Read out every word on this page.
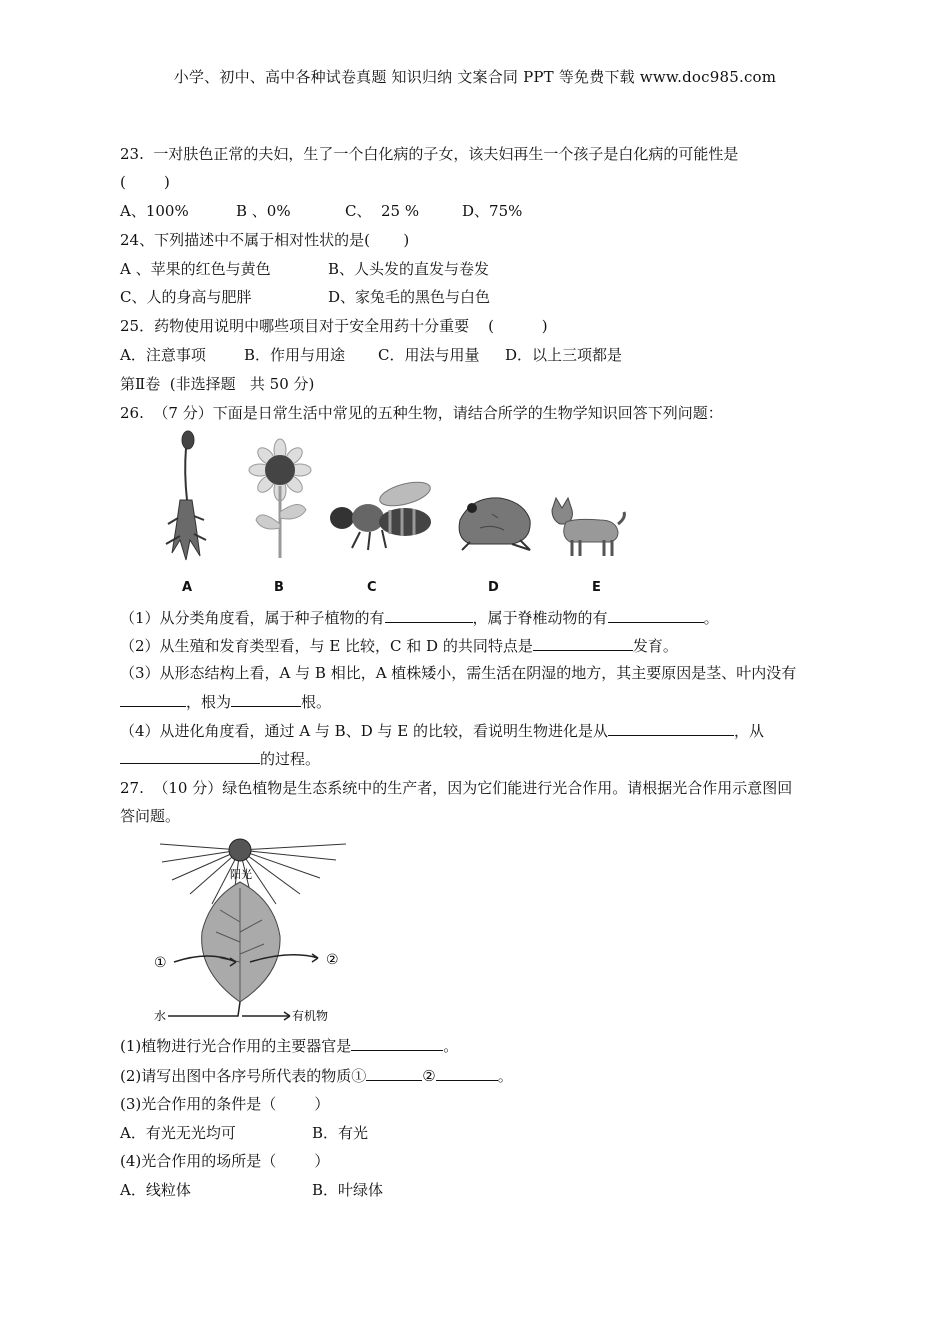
小学、初中、高中各种试卷真题 知识归纳 文案合同 PPT 等免费下载 www.doc985.com
23.  一对肤色正常的夫妇，生了一个白化病的子女，该夫妇再生一个孩子是白化病的可能性是
(        )
A、100%	B 、0%	C、  25 %	D、75%
24、下列描述中不属于相对性状的是(       )
A 、苹果的红色与黄色	B、人头发的直发与卷发
C、人的身高与肥胖	D、家兔毛的黑色与白色
25．药物使用说明中哪些项目对于安全用药十分重要    (          )
A．注意事项	B．作用与用途 C．用法与用量 D．以上三项都是
第Ⅱ卷  (非选择题   共 50 分)
26.  （7 分）下面是日常生活中常见的五种生物，请结合所学的生物学知识回答下列问题：
A	B	C	D	E
（1）从分类角度看，属于种子植物的有	，属于脊椎动物的有	。
（2）从生殖和发育类型看，与 E 比较，C 和 D 的共同特点是	发育。
（3）从形态结构上看，A 与 B 相比，A 植株矮小，需生活在阴湿的地方，其主要原因是茎、叶内没有
，根为	根。
（4）从进化角度看，通过 A 与 B、D 与 E 的比较，看说明生物进化是从	，从
的过程。
27.  （10 分）绿色植物是生态系统中的生产者，因为它们能进行光合作用。请根据光合作用示意图回
答问题。
阳光
①	②
水	有机物
(1)植物进行光合作用的主要器官是	。
(2)请写出图中各序号所代表的物质①	②	。
(3)光合作用的条件是（        ）
A．有光无光均可	B．有光
(4)光合作用的场所是（        ）
A．线粒体	B．叶绿体
